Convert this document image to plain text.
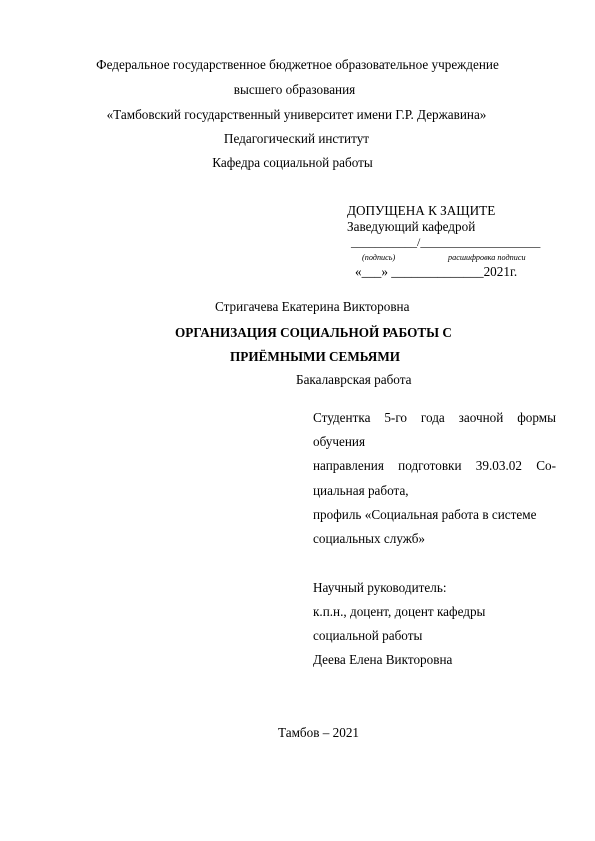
Федеральное государственное бюджетное образовательное учреждение
высшего образования
«Тамбовский государственный университет имени Г.Р. Державина»
Педагогический институт
Кафедра социальной работы
ДОПУЩЕНА К ЗАЩИТЕ
Заведующий кафедрой
___________/____________________
(подпись)	расшифровка подписи
«___» ______________2021г.
Стригачева Екатерина Викторовна
ОРГАНИЗАЦИЯ СОЦИАЛЬНОЙ РАБОТЫ С
ПРИЁМНЫМИ СЕМЬЯМИ
Бакалаврская работа
Студентка 5-го года заочной формы
обучения
направления подготовки 39.03.02 Со-
циальная работа,
профиль «Социальная работа в системе
социальных служб»
Научный руководитель:
к.п.н., доцент, доцент кафедры
социальной работы
Деева Елена Викторовна
Тамбов – 2021
